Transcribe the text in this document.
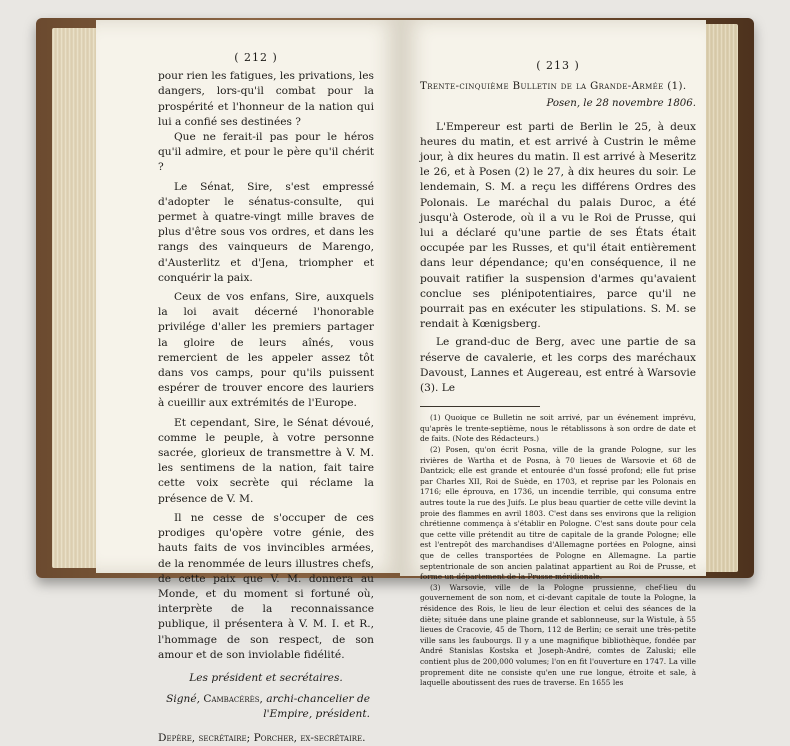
( 212 )

pour rien les fatigues, les privations, les dangers, lors-qu'il combat pour la prospérité et l'honneur de la nation qui lui a confié ses destinées ?

Que ne ferait-il pas pour le héros qu'il admire, et pour le père qu'il chérit ?

Le Sénat, Sire, s'est empressé d'adopter le sénatus-consulte, qui permet à quatre-vingt mille braves de plus d'être sous vos ordres, et dans les rangs des vainqueurs de Marengo, d'Austerlitz et d'Jena, triompher et conquérir la paix.

Ceux de vos enfans, Sire, auxquels la loi avait décerné l'honorable privilége d'aller les premiers partager la gloire de leurs aînés, vous remercient de les appeler assez tôt dans vos camps, pour qu'ils puissent espérer de trouver encore des lauriers à cueillir aux extrémités de l'Europe.

Et cependant, Sire, le Sénat dévoué, comme le peuple, à votre personne sacrée, glorieux de transmettre à V. M. les sentimens de la nation, fait taire cette voix secrète qui réclame la présence de V. M.

Il ne cesse de s'occuper de ces prodiges qu'opère votre génie, des hauts faits de vos invincibles armées, de la renommée de leurs illustres chefs, de cette paix que V. M. donnera au Monde, et du moment si fortuné où, interprète de la reconnaissance publique, il présentera à V. M. I. et R., l'hommage de son respect, de son amour et de son inviolable fidélité.

Les président et secrétaires.

Signé, Cambacérès, archi-chancelier de l'Empire, président.

Depère, secrétaire; Porcher, ex-secrétaire.

( 213 )
Trente-cinquième Bulletin de la Grande-Armée (1).
Posen, le 28 novembre 1806.

L'Empereur est parti de Berlin le 25, à deux heures du matin, et est arrivé à Custrin le même jour, à dix heures du matin. Il est arrivé à Meseritz le 26, et à Posen (2) le 27, à dix heures du soir. Le lendemain, S. M. a reçu les différens Ordres des Polonais. Le maréchal du palais Duroc, a été jusqu'à Osterode, où il a vu le Roi de Prusse, qui lui a déclaré qu'une partie de ses États était occupée par les Russes, et qu'il était entièrement dans leur dépendance; qu'en conséquence, il ne pouvait ratifier la suspension d'armes qu'avaient conclue ses plénipotentiaires, parce qu'il ne pourrait pas en exécuter les stipulations. S. M. se rendait à Kœnigsberg.

Le grand-duc de Berg, avec une partie de sa réserve de cavalerie, et les corps des maréchaux Davoust, Lannes et Augereau, est entré à Warsovie (3). Le

(1) Quoique ce Bulletin ne soit arrivé, par un événement imprévu, qu'après le trente-septième, nous le rétablissons à son ordre de date et de faits. (Note des Rédacteurs.)

(2) Posen, qu'on écrit Posna, ville de la grande Pologne, sur les rivières de Wartha et de Posna, à 70 lieues de Warsovie et 68 de Dantzick; elle est grande et entourée d'un fossé profond; elle fut prise par Charles XII, Roi de Suède, en 1703, et reprise par les Polonais en 1716; elle éprouva, en 1736, un incendie terrible, qui consuma entre autres toute la rue des Juifs. Le plus beau quartier de cette ville devint la proie des flammes en avril 1803. C'est dans ses environs que la religion chrétienne commença à s'établir en Pologne. C'est sans doute pour cela que cette ville prétendit au titre de capitale de la grande Pologne; elle est l'entrepôt des marchandises d'Allemagne portées en Pologne, ainsi que de celles transportées de Pologne en Allemagne. La partie septentrionale de son ancien palatinat appartient au Roi de Prusse, et forme un département de la Prusse méridionale.

(3) Warsovie, ville de la Pologne prussienne, chef-lieu du gouvernement de son nom, et ci-devant capitale de toute la Pologne, la résidence des Rois, le lieu de leur élection et celui des séances de la diète; située dans une plaine grande et sablonneuse, sur la Wistule, à 55 lieues de Cracovie, 45 de Thorn, 112 de Berlin; ce serait une très-petite ville sans les faubourgs. Il y a une magnifique bibliothèque, fondée par André Stanislas Kostska et Joseph-André, comtes de Zaluski; elle contient plus de 200,000 volumes; l'on en fit l'ouverture en 1747. La ville proprement dite ne consiste qu'en une rue longue, étroite et sale, à laquelle aboutissent des rues de traverse. En 1655 les
